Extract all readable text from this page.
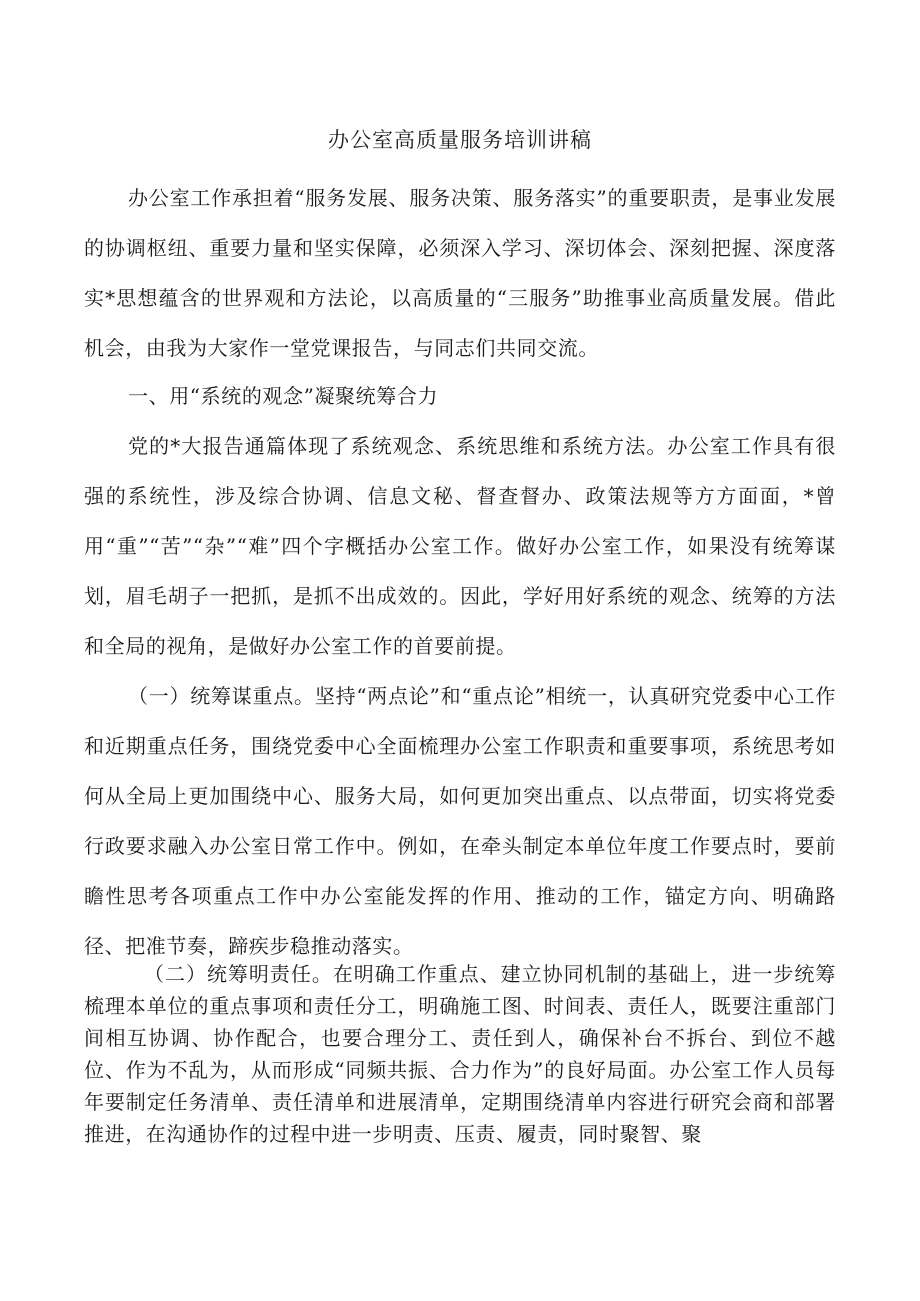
办公室高质量服务培训讲稿

办公室工作承担着“服务发展、服务决策、服务落实”的重要职责，是事业发展的协调枢纽、重要力量和坚实保障，必须深入学习、深切体会、深刻把握、深度落实*思想蕴含的世界观和方法论，以高质量的“三服务”助推事业高质量发展。借此机会，由我为大家作一堂党课报告，与同志们共同交流。

一、用“系统的观念”凝聚统筹合力

党的*大报告通篇体现了系统观念、系统思维和系统方法。办公室工作具有很强的系统性，涉及综合协调、信息文秘、督查督办、政策法规等方方面面，*曾用“重”“苦”“杂”“难”四个字概括办公室工作。做好办公室工作，如果没有统筹谋划，眉毛胡子一把抓，是抓不出成效的。因此，学好用好系统的观念、统筹的方法和全局的视角，是做好办公室工作的首要前提。

（一）统筹谋重点。坚持“两点论”和“重点论”相统一，认真研究党委中心工作和近期重点任务，围绕党委中心全面梳理办公室工作职责和重要事项，系统思考如何从全局上更加围绕中心、服务大局，如何更加突出重点、以点带面，切实将党委行政要求融入办公室日常工作中。例如，在牵头制定本单位年度工作要点时，要前瞻性思考各项重点工作中办公室能发挥的作用、推动的工作，锚定方向、明确路径、把准节奏，蹄疾步稳推动落实。

（二）统筹明责任。在明确工作重点、建立协同机制的基础上，进一步统筹梳理本单位的重点事项和责任分工，明确施工图、时间表、责任人，既要注重部门间相互协调、协作配合，也要合理分工、责任到人，确保补台不拆台、到位不越位、作为不乱为，从而形成“同频共振、合力作为”的良好局面。办公室工作人员每年要制定任务清单、责任清单和进展清单，定期围绕清单内容进行研究会商和部署推进，在沟通协作的过程中进一步明责、压责、履责，同时聚智、聚
